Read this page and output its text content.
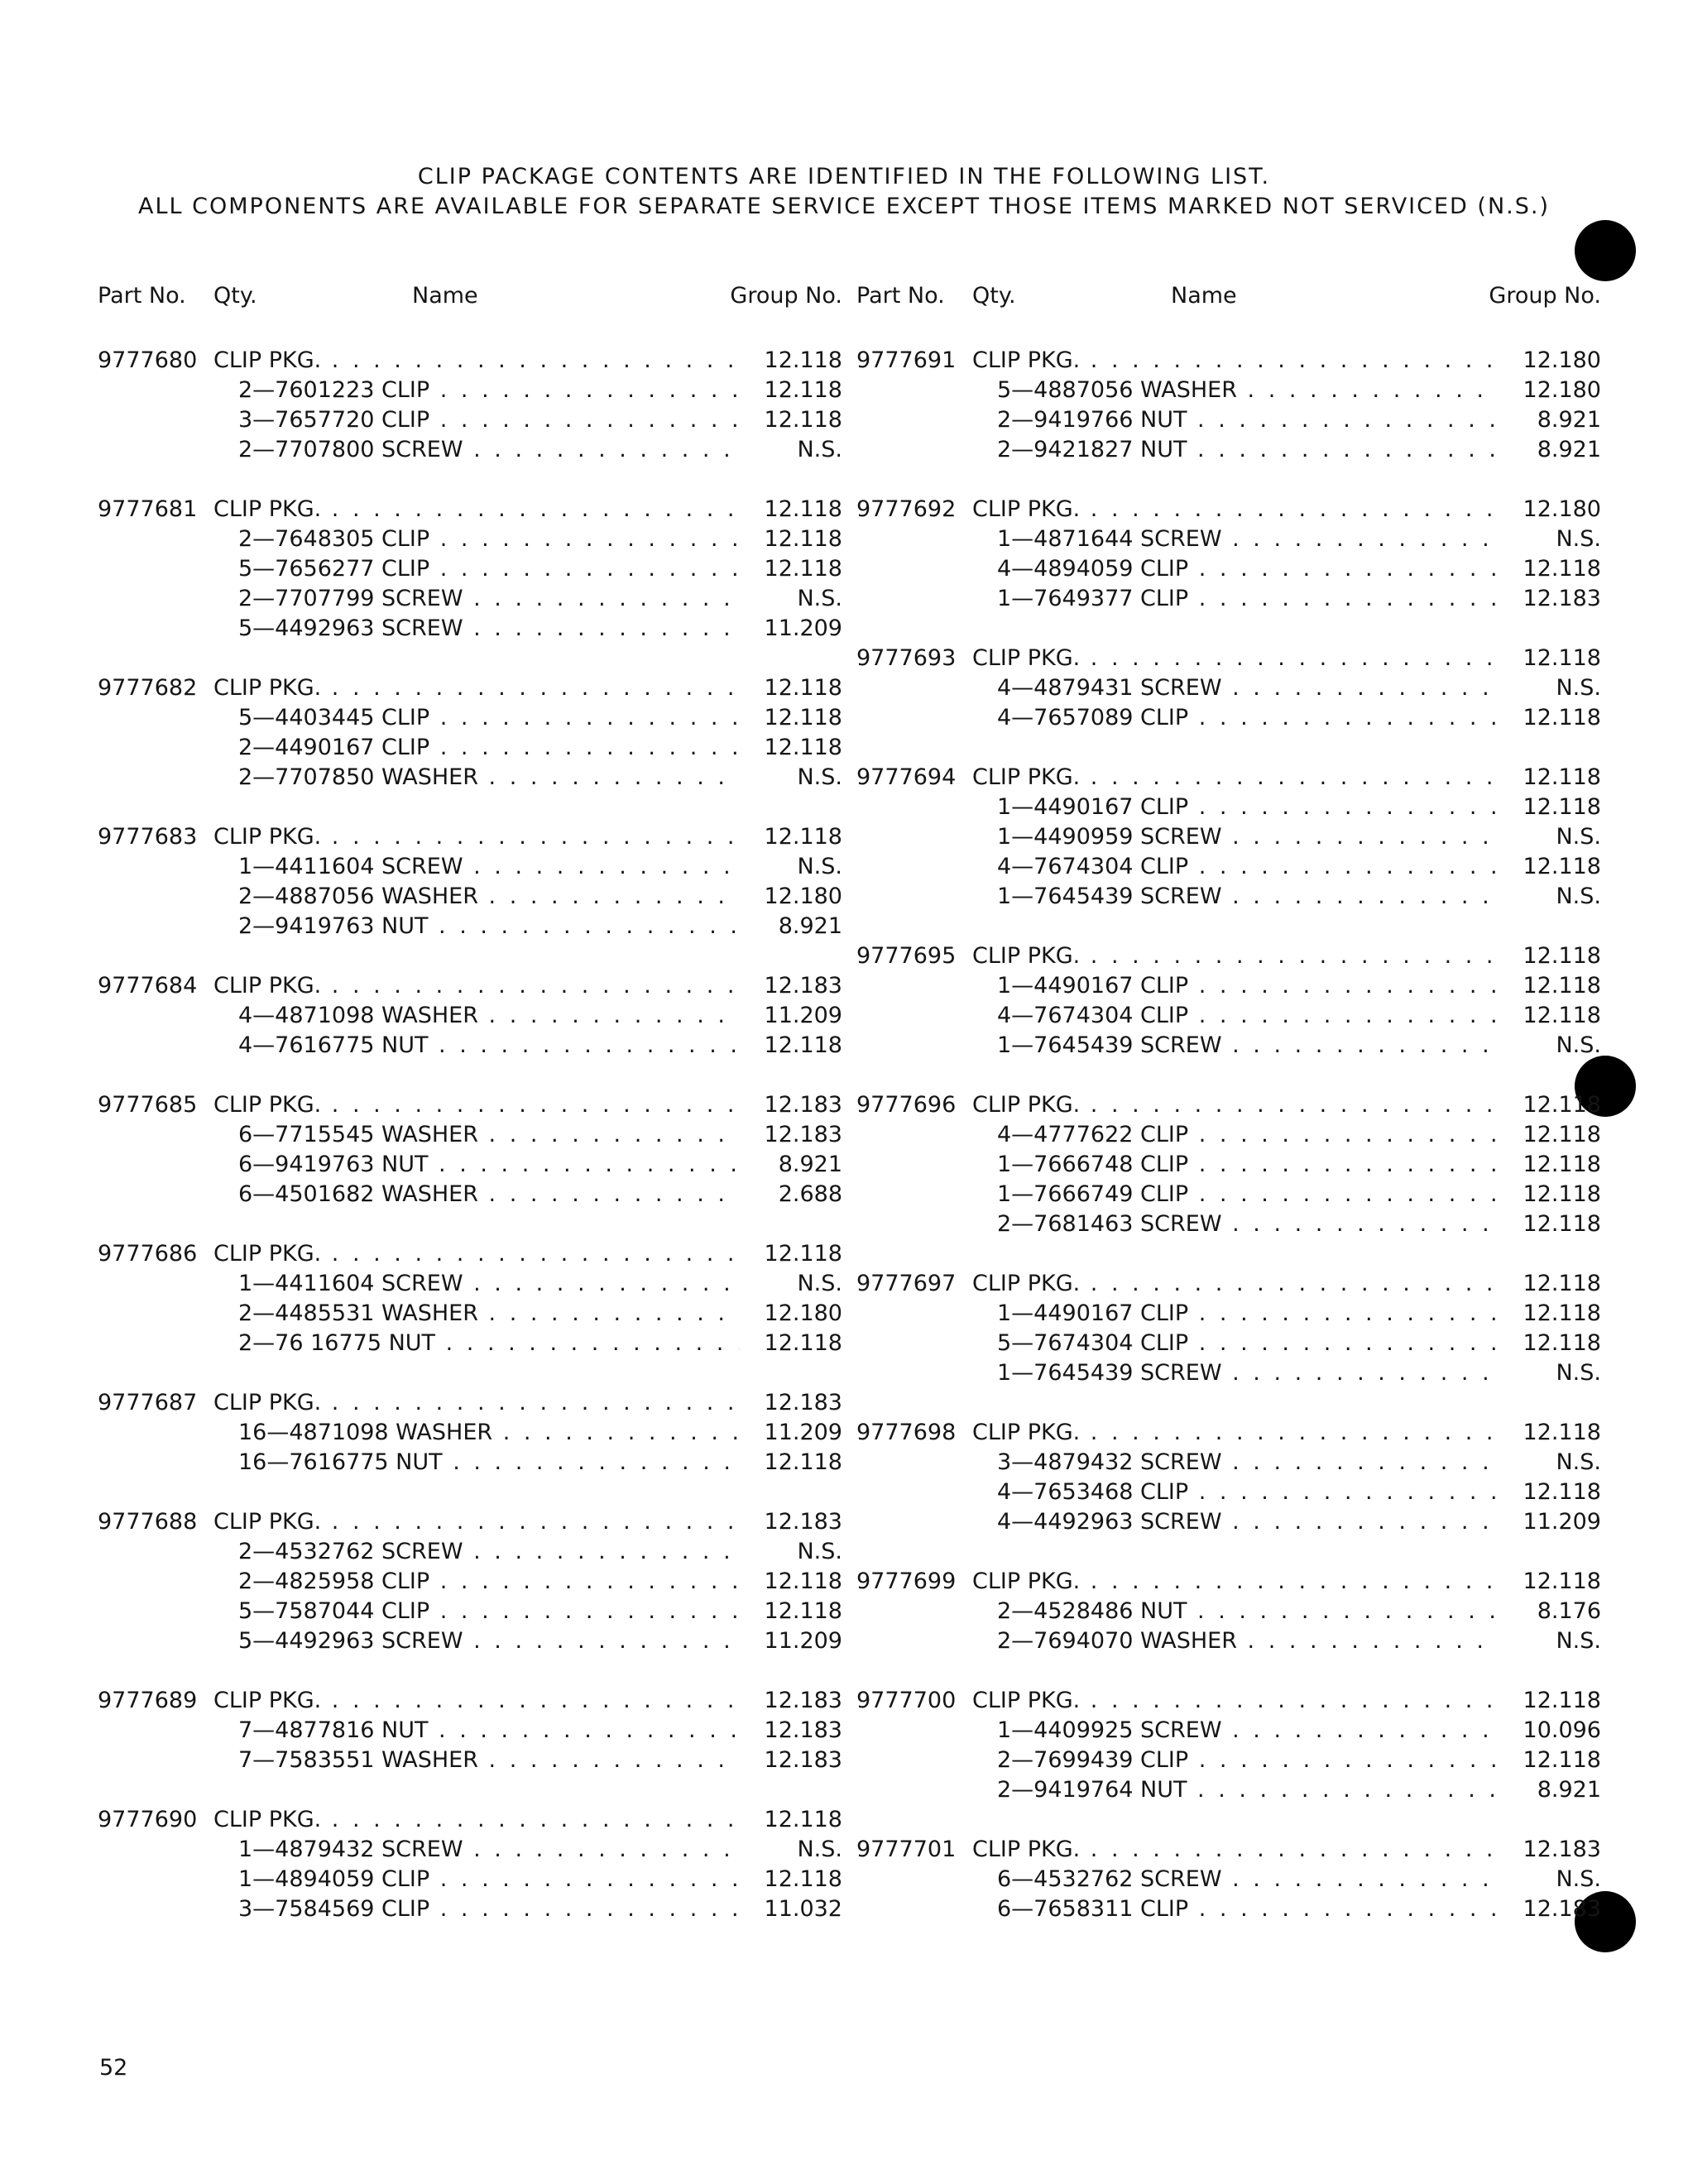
CLIP PACKAGE CONTENTS ARE IDENTIFIED IN THE FOLLOWING LIST.
ALL COMPONENTS ARE AVAILABLE FOR SEPARATE SERVICE EXCEPT THOSE ITEMS MARKED NOT SERVICED (N.S.)
Part No. Qty.	Name	Group No.
9777680 CLIP PKG. . . .	12.118
2—7601223 CLIP . . .	12.118
3—7657720 CLIP . . .	12.118
2—7707800 SCREW . . .	N.S.
9777681 CLIP PKG. . . .	12.118
2—7648305 CLIP . . .	12.118
5—7656277 CLIP . . .	12.118
2—7707799 SCREW . . .	N.S.
5—4492963 SCREW . . .	11.209
9777682 CLIP PKG. . . .	12.118
5—4403445 CLIP . . .	12.118
2—4490167 CLIP . . .	12.118
2—7707850 WASHER . . .	N.S.
9777683 CLIP PKG. . . .	12.118
1—4411604 SCREW . . .	N.S.
2—4887056 WASHER . . .	12.180
2—9419763 NUT . . .	8.921
9777684 CLIP PKG. . . .	12.183
4—4871098 WASHER . . .	11.209
4—7616775 NUT . . .	12.118
9777685 CLIP PKG. . . .	12.183
6—7715545 WASHER . . .	12.183
6—9419763 NUT . . .	8.921
6—4501682 WASHER . . .	2.688
9777686 CLIP PKG. . . .	12.118
1—4411604 SCREW . . .	N.S.
2—4485531 WASHER . . .	12.180
2—76 16775 NUT . . .	12.118
9777687 CLIP PKG. . . .	12.183
16—4871098 WASHER . . .	11.209
16—7616775 NUT . . .	12.118
9777688 CLIP PKG. . . .	12.183
2—4532762 SCREW . . .	N.S.
2—4825958 CLIP . . .	12.118
5—7587044 CLIP . . .	12.118
5—4492963 SCREW . . .	11.209
9777689 CLIP PKG. . . .	12.183
7—4877816 NUT . . .	12.183
7—7583551 WASHER . . .	12.183
9777690 CLIP PKG. . . .	12.118
1—4879432 SCREW . . .	N.S.
1—4894059 CLIP . . .	12.118
3—7584569 CLIP . . .	11.032
Part No. Qty.	Name	Group No.
9777691 CLIP PKG. . . .	12.180
5—4887056 WASHER . . .	12.180
2—9419766 NUT . . .	8.921
2—9421827 NUT . . .	8.921
9777692 CLIP PKG. . . .	12.180
1—4871644 SCREW . . .	N.S.
4—4894059 CLIP . . .	12.118
1—7649377 CLIP . . .	12.183
9777693 CLIP PKG. . . .	12.118
4—4879431 SCREW . . .	N.S.
4—7657089 CLIP . . .	12.118
9777694 CLIP PKG. . . .	12.118
1—4490167 CLIP . . .	12.118
1—4490959 SCREW . . .	N.S.
4—7674304 CLIP . . .	12.118
1—7645439 SCREW . . .	N.S.
9777695 CLIP PKG. . . .	12.118
1—4490167 CLIP . . .	12.118
4—7674304 CLIP . . .	12.118
1—7645439 SCREW . . .	N.S.
9777696 CLIP PKG. . . .	12.118
4—4777622 CLIP . . .	12.118
1—7666748 CLIP . . .	12.118
1—7666749 CLIP . . .	12.118
2—7681463 SCREW . . .	12.118
9777697 CLIP PKG. . . .	12.118
1—4490167 CLIP . . .	12.118
5—7674304 CLIP . . .	12.118
1—7645439 SCREW . . .	N.S.
9777698 CLIP PKG. . . .	12.118
3—4879432 SCREW . . .	N.S.
4—7653468 CLIP . . .	12.118
4—4492963 SCREW . . .	11.209
9777699 CLIP PKG. . . .	12.118
2—4528486 NUT . . .	8.176
2—7694070 WASHER . . .	N.S.
9777700 CLIP PKG. . . .	12.118
1—4409925 SCREW . . .	10.096
2—7699439 CLIP . . .	12.118
2—9419764 NUT . . .	8.921
9777701 CLIP PKG. . . .	12.183
6—4532762 SCREW . . .	N.S.
6—7658311 CLIP . . .	12.183
52
